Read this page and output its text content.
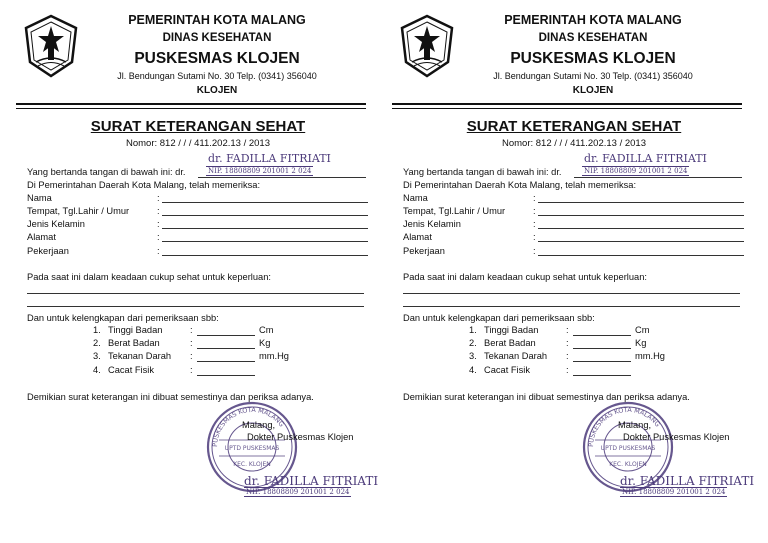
PEMERINTAH KOTA MALANG
DINAS KESEHATAN
PUSKESMAS KLOJEN
Jl. Bendungan Sutami No. 30 Telp. (0341) 356040
KLOJEN
SURAT KETERANGAN SEHAT
Nomor: 812 / / / 411.202.13 / 2013
Yang bertanda tangan di bawah ini: dr.
dr. FADILLA FITRIATI
NIP. 18808809 201001 2 024
Di Pemerintahan Daerah Kota Malang, telah memeriksa:
Nama	:
Tempat, Tgl.Lahir / Umur	:
Jenis Kelamin	:
Alamat	:
Pekerjaan	:
Pada saat ini dalam keadaan cukup sehat untuk keperluan:
Dan untuk kelengkapan dari pemeriksaan sbb:
1. Tinggi Badan	:	Cm
2. Berat Badan	:	Kg
3. Tekanan Darah :	mm.Hg
4. Cacat Fisik	:
Demikian surat keterangan ini dibuat semestinya dan periksa adanya.
PUSKESMAS KOTA MALANG
UPTD PUSKESMAS
KEC. KLOJEN
Malang,
Dokter Puskesmas Klojen
dr. FADILLA FITRIATI
NIP. 18808809 201001 2 024
PEMERINTAH KOTA MALANG
DINAS KESEHATAN
PUSKESMAS KLOJEN
Jl. Bendungan Sutami No. 30 Telp. (0341) 356040
KLOJEN
SURAT KETERANGAN SEHAT
Nomor: 812 / / / 411.202.13 / 2013
Yang bertanda tangan di bawah ini: dr.
dr. FADILLA FITRIATI
NIP. 18808809 201001 2 024
Di Pemerintahan Daerah Kota Malang, telah memeriksa:
Nama	:
Tempat, Tgl.Lahir / Umur	:
Jenis Kelamin	:
Alamat	:
Pekerjaan	:
Pada saat ini dalam keadaan cukup sehat untuk keperluan:
Dan untuk kelengkapan dari pemeriksaan sbb:
1. Tinggi Badan	:	Cm
2. Berat Badan	:	Kg
3. Tekanan Darah :	mm.Hg
4. Cacat Fisik	:
Demikian surat keterangan ini dibuat semestinya dan periksa adanya.
PUSKESMAS KOTA MALANG
UPTD PUSKESMAS
KEC. KLOJEN
Malang,
Dokter Puskesmas Klojen
dr. FADILLA FITRIATI
NIP. 18808809 201001 2 024
